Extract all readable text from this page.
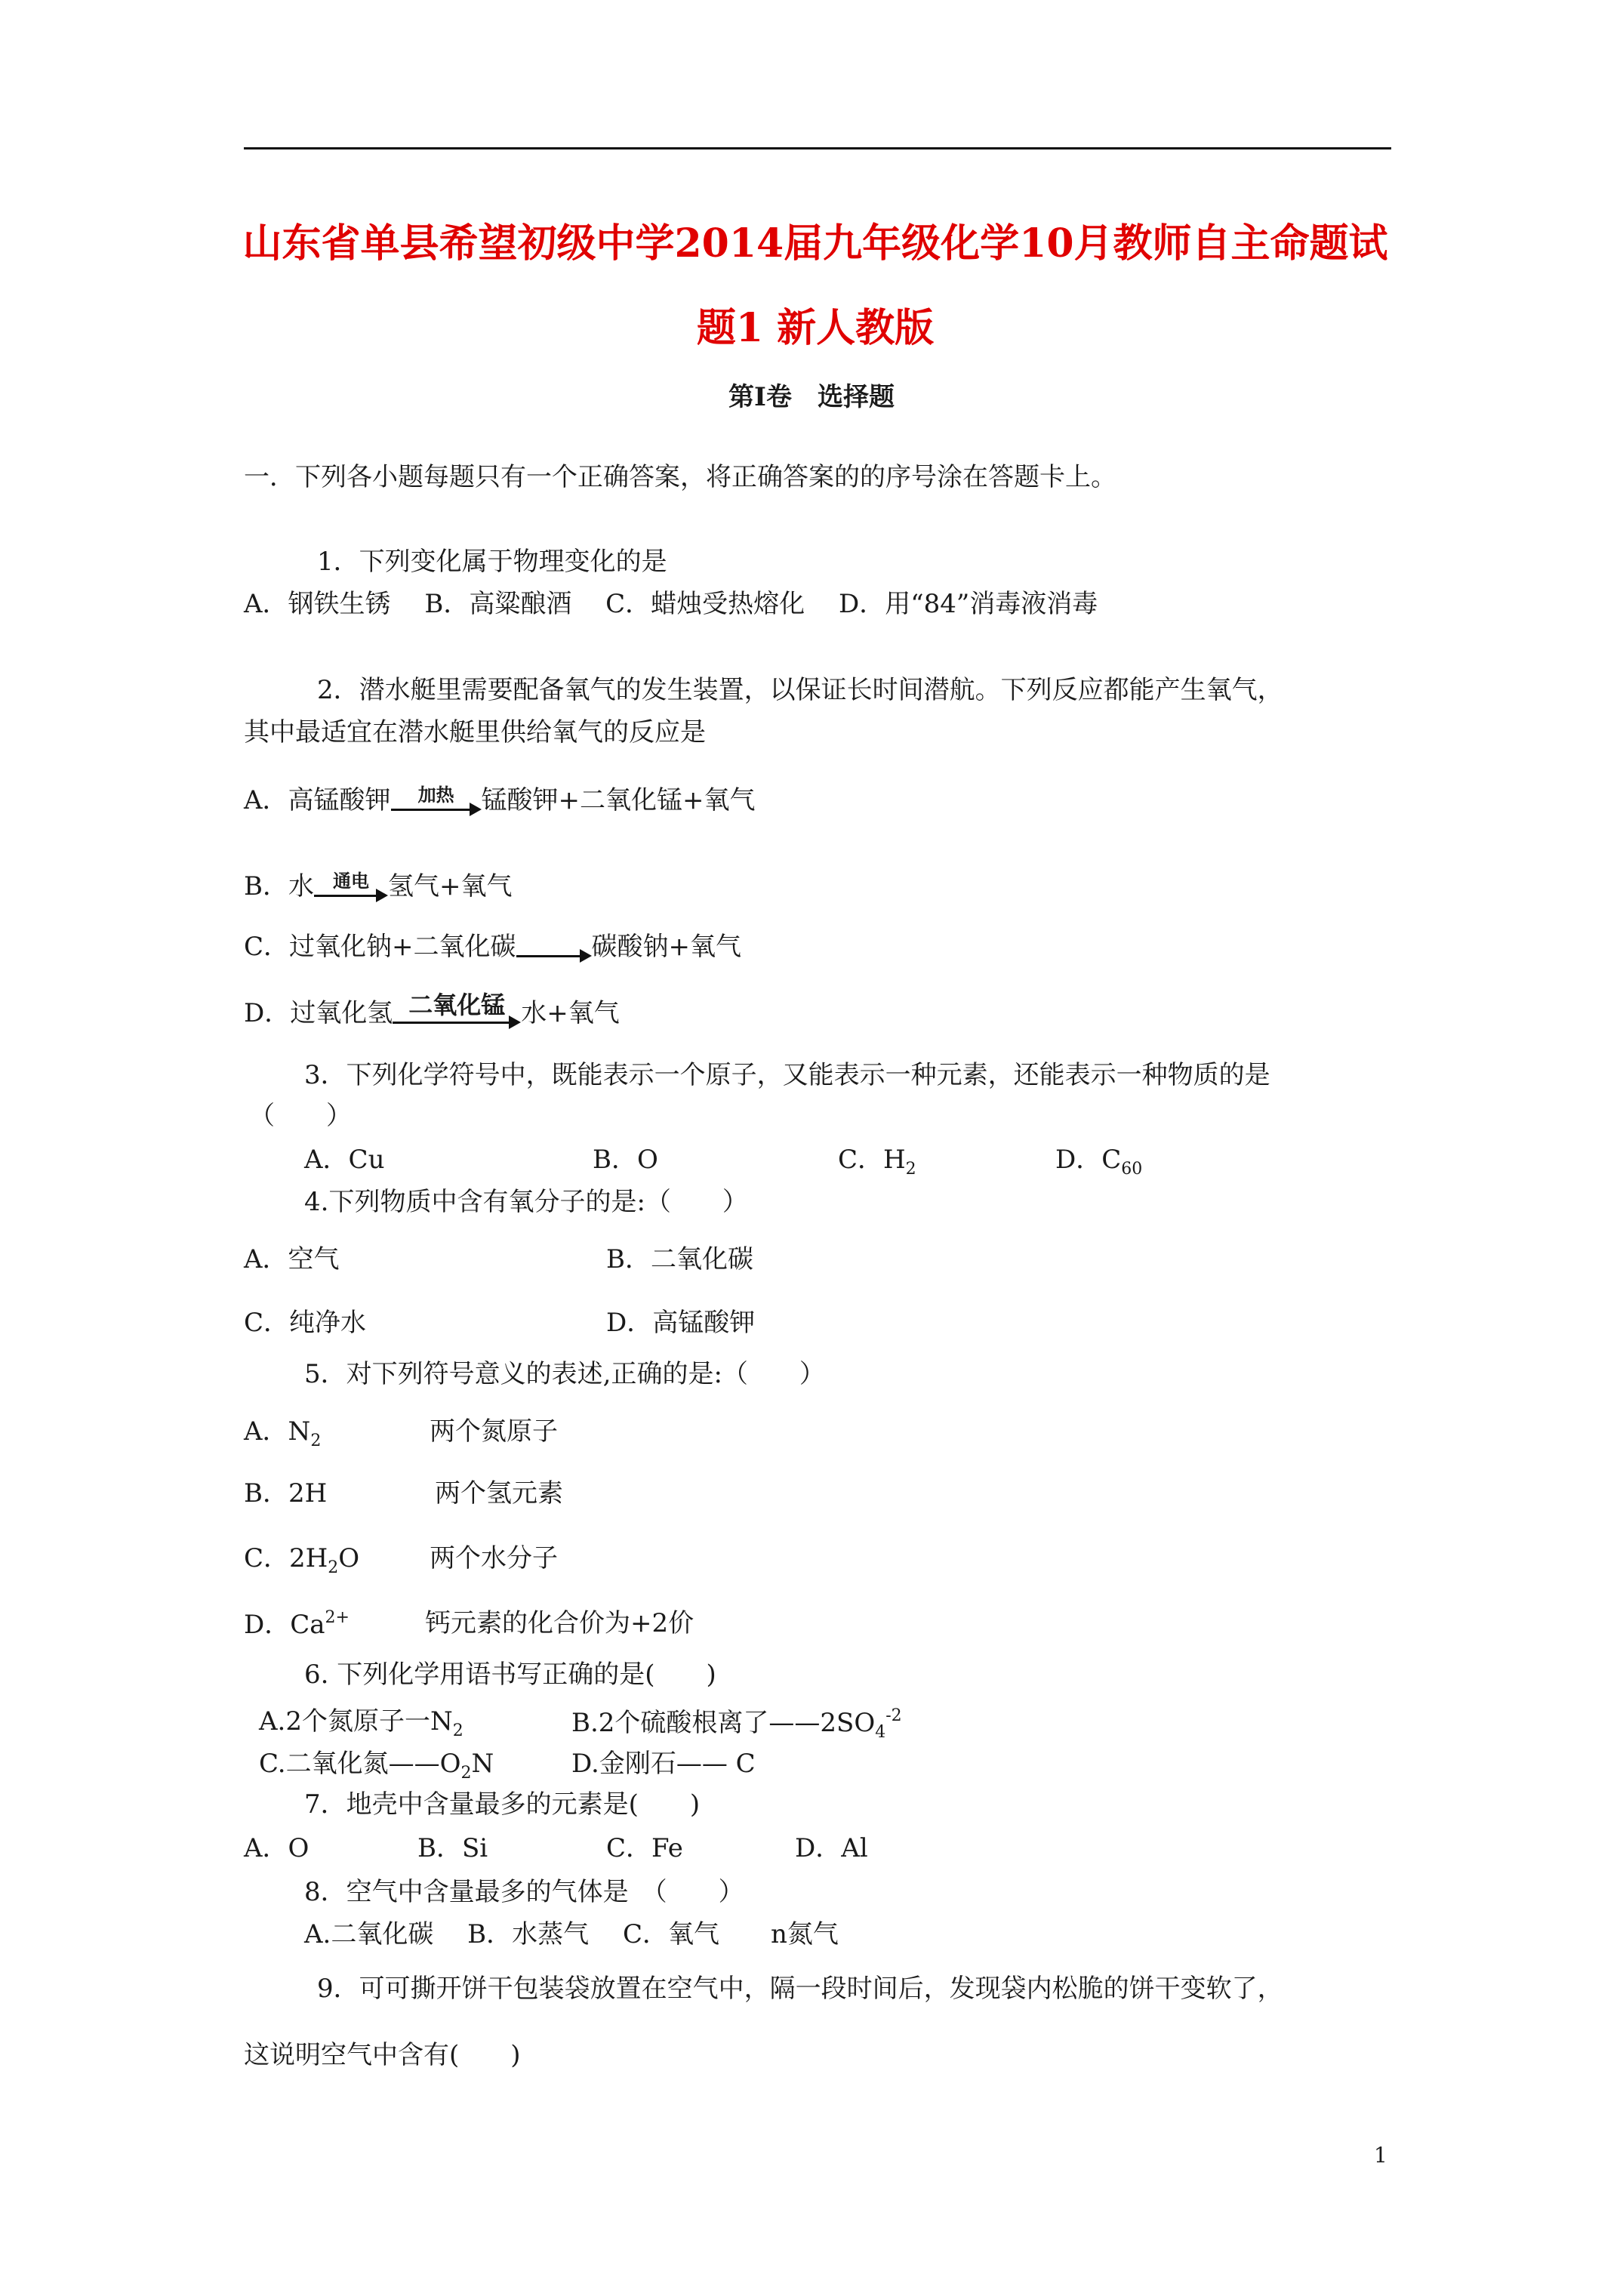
山东省单县希望初级中学2014届九年级化学10月教师自主命题试
题1 新人教版
第Ⅰ卷　选择题
一．下列各小题每题只有一个正确答案，将正确答案的的序号涂在答题卡上。
1．下列变化属于物理变化的是
A．钢铁生锈　 B．高粱酿酒　 C．蜡烛受热熔化　 D．用“84”消毒液消毒
2．潜水艇里需要配备氧气的发生装置，以保证长时间潜航。下列反应都能产生氧气，
其中最适宜在潜水艇里供给氧气的反应是
A．高锰酸钾	加热	锰酸钾+二氧化锰+氧气
B．水	通电 氢气+氧气
C．过氧化钠+二氧化碳	碳酸钠+氧气
D．过氧化氢 二氧化锰 水+氧气
3．下列化学符号中，既能表示一个原子，又能表示一种元素，还能表示一种物质的是
（　　）
A．Cu	B．O	C．$H_2$	D．$C_{60}$
4.下列物质中含有氧分子的是:（　　）
A．空气	B．二氧化碳
C．纯净水	D．高锰酸钾
5．对下列符号意义的表述,正确的是:（　　）
A．$N_2$	两个氮原子
B．2H	两个氢元素
C．$2H_2O$	两个水分子
D．$Ca^{2+}$	钙元素的化合价为+2价
6. 下列化学用语书写正确的是(　　)
A.2个氮原子一$N_2$	B.2个硫酸根离了$——2SO_4^{-2}$
C.二氧化氮$——O_2N$	D.金刚石—— C
7．地壳中含量最多的元素是(　　)
A．O	B．Si	C．Fe	D．Al
8．空气中含量最多的气体是　（　　）
A.二氧化碳　 B．水蒸气　 C．氧气　　n氮气
9．可可撕开饼干包装袋放置在空气中，隔一段时间后，发现袋内松脆的饼干变软了，
这说明空气中含有(　　)
1
